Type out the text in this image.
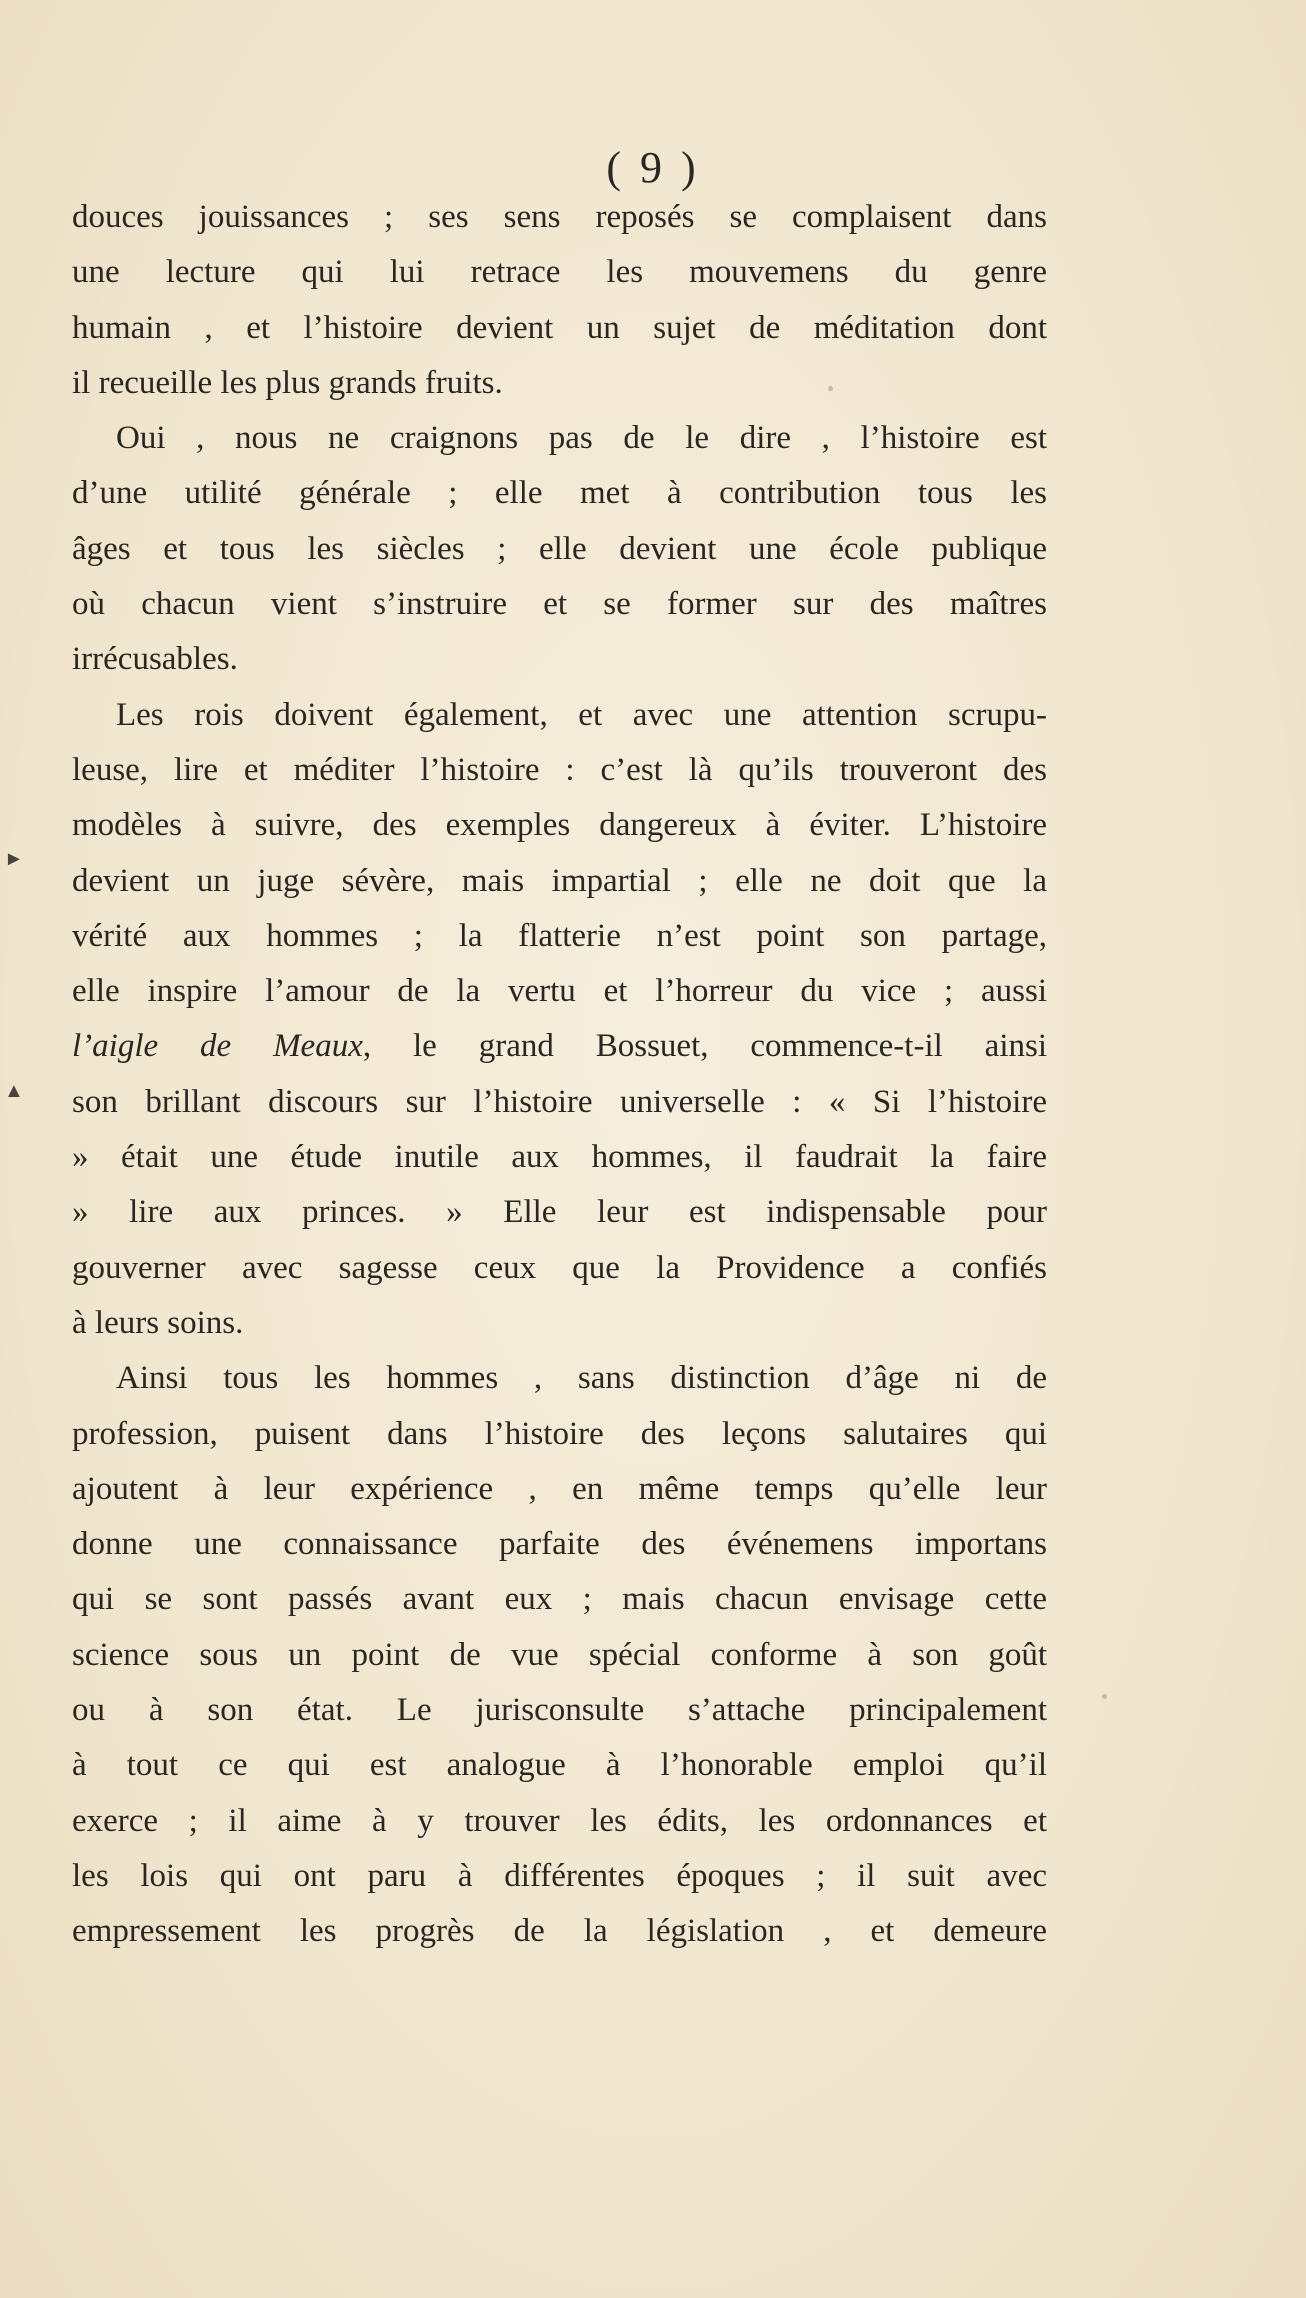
( 9 )
douces jouissances ; ses sens reposés se complaisent dans
une lecture qui lui retrace les mouvemens du genre
humain , et l’histoire devient un sujet de méditation dont
il recueille les plus grands fruits.
Oui , nous ne craignons pas de le dire , l’histoire est
d’une utilité générale ; elle met à contribution tous les
âges et tous les siècles ; elle devient une école publique
où chacun vient s’instruire et se former sur des maîtres
irrécusables.
Les rois doivent également, et avec une attention scrupu-
leuse, lire et méditer l’histoire : c’est là qu’ils trouveront des
modèles à suivre, des exemples dangereux à éviter. L’histoire
devient un juge sévère, mais impartial ; elle ne doit que la
vérité aux hommes ; la flatterie n’est point son partage,
elle inspire l’amour de la vertu et l’horreur du vice ; aussi
l’aigle de Meaux, le grand Bossuet, commence-t-il ainsi
son brillant discours sur l’histoire universelle : « Si l’histoire
» était une étude inutile aux hommes, il faudrait la faire
» lire aux princes. » Elle leur est indispensable pour
gouverner avec sagesse ceux que la Providence a confiés
à leurs soins.
Ainsi tous les hommes , sans distinction d’âge ni de
profession, puisent dans l’histoire des leçons salutaires qui
ajoutent à leur expérience , en même temps qu’elle leur
donne une connaissance parfaite des événemens importans
qui se sont passés avant eux ; mais chacun envisage cette
science sous un point de vue spécial conforme à son goût
ou à son état. Le jurisconsulte s’attache principalement
à tout ce qui est analogue à l’honorable emploi qu’il
exerce ; il aime à y trouver les édits, les ordonnances et
les lois qui ont paru à différentes époques ; il suit avec
empressement les progrès de la législation , et demeure
►
▲
